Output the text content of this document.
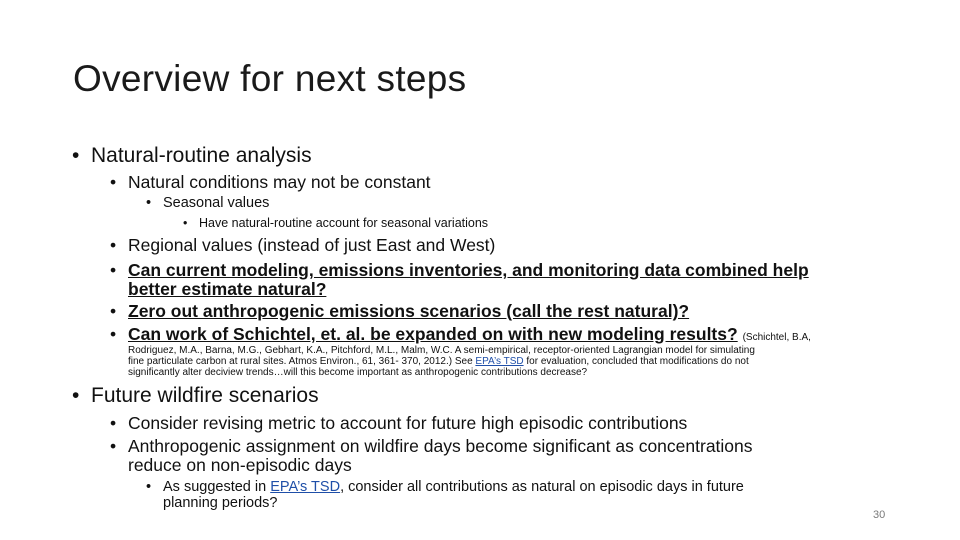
Overview for next steps
• Natural-routine analysis
• Natural conditions may not be constant
• Seasonal values
• Have natural-routine account for seasonal variations
• Regional values (instead of just East and West)
• Can current modeling, emissions inventories, and monitoring data combined help
better estimate natural?
• Zero out anthropogenic emissions scenarios (call the rest natural)?
• Can work of Schichtel, et. al. be expanded on with new modeling results? (Schichtel, B.A,
Rodriguez, M.A., Barna, M.G., Gebhart, K.A., Pitchford, M.L., Malm, W.C. A semi-empirical, receptor-oriented Lagrangian model for simulating
fine particulate carbon at rural sites. Atmos Environ., 61, 361- 370, 2012.) See EPA’s TSD for evaluation, concluded that modifications do not
significantly alter deciview trends…will this become important as anthropogenic contributions decrease?
• Future wildfire scenarios
• Consider revising metric to account for future high episodic contributions
• Anthropogenic assignment on wildfire days become significant as concentrations
reduce on non-episodic days
• As suggested in EPA’s TSD, consider all contributions as natural on episodic days in future
planning periods?
30
